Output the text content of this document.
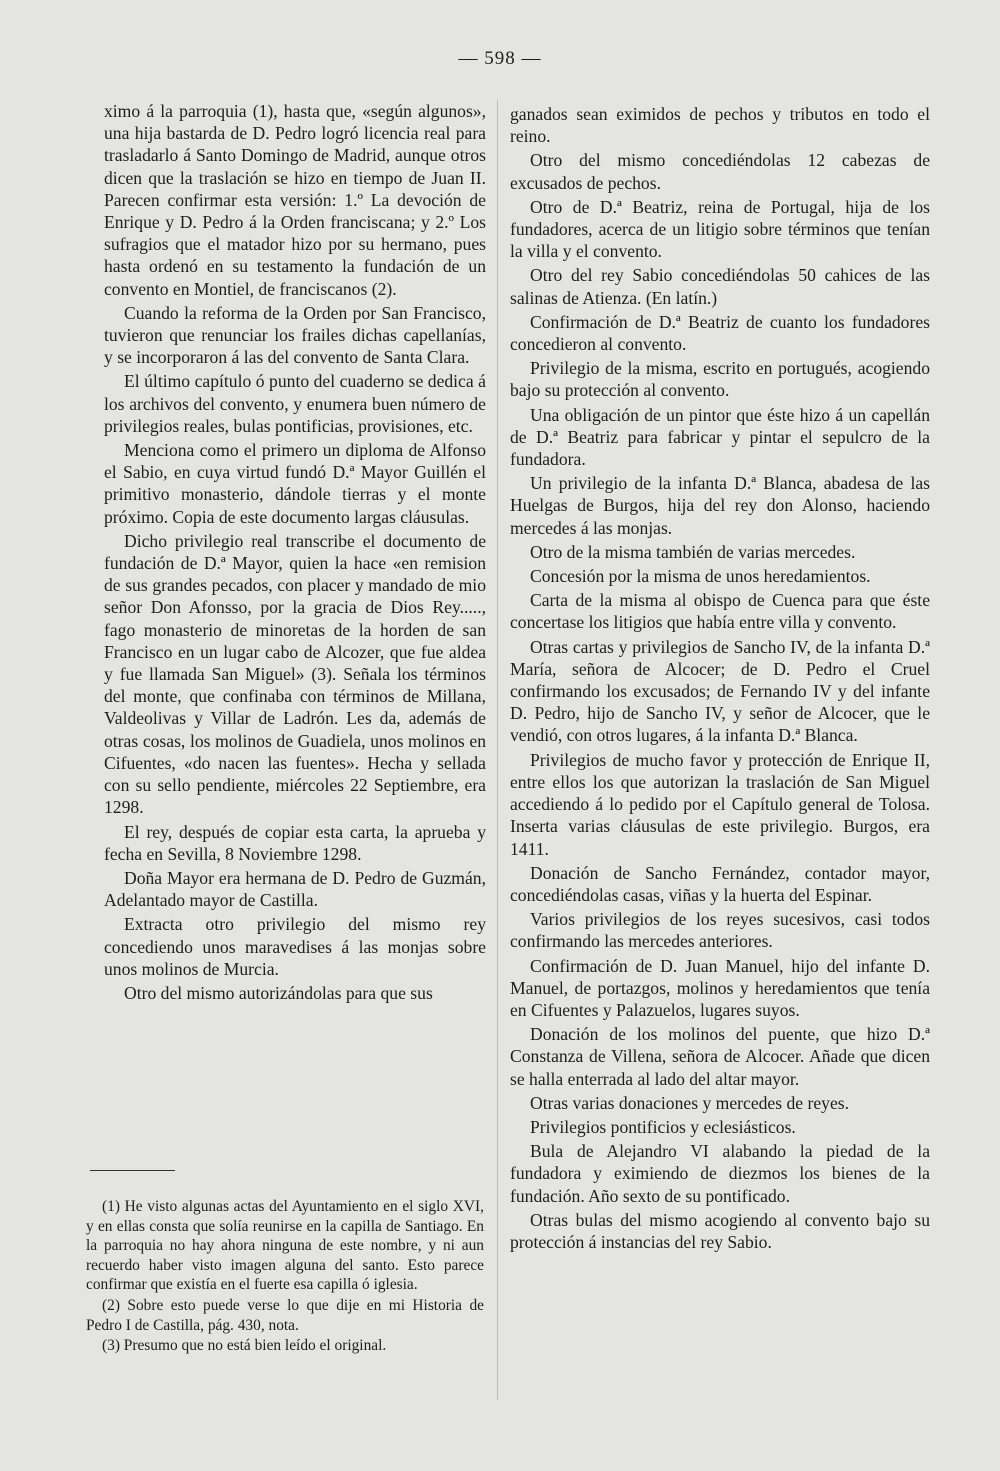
— 598 —

ximo á la parroquia (1), hasta que, «según algunos», una hija bastarda de D. Pedro logró licencia real para trasladarlo á Santo Domingo de Madrid, aunque otros dicen que la traslación se hizo en tiempo de Juan II. Parecen confirmar esta versión: 1.º La devoción de Enrique y D. Pedro á la Orden franciscana; y 2.º Los sufragios que el matador hizo por su hermano, pues hasta ordenó en su testamento la fundación de un convento en Montiel, de franciscanos (2).

Cuando la reforma de la Orden por San Francisco, tuvieron que renunciar los frailes dichas capellanías, y se incorporaron á las del convento de Santa Clara.

El último capítulo ó punto del cuaderno se dedica á los archivos del convento, y enumera buen número de privilegios reales, bulas pontificias, provisiones, etc.

Menciona como el primero un diploma de Alfonso el Sabio, en cuya virtud fundó D.ª Mayor Guillén el primitivo monasterio, dándole tierras y el monte próximo. Copia de este documento largas cláusulas.

Dicho privilegio real transcribe el documento de fundación de D.ª Mayor, quien la hace «en remision de sus grandes pecados, con placer y mandado de mio señor Don Afonsso, por la gracia de Dios Rey....., fago monasterio de minoretas de la horden de san Francisco en un lugar cabo de Alcozer, que fue aldea y fue llamada San Miguel» (3). Señala los términos del monte, que confinaba con términos de Millana, Valdeolivas y Villar de Ladrón. Les da, además de otras cosas, los molinos de Guadiela, unos molinos en Cifuentes, «do nacen las fuentes». Hecha y sellada con su sello pendiente, miércoles 22 Septiembre, era 1298.

El rey, después de copiar esta carta, la aprueba y fecha en Sevilla, 8 Noviembre 1298.

Doña Mayor era hermana de D. Pedro de Guzmán, Adelantado mayor de Castilla.

Extracta otro privilegio del mismo rey concediendo unos maravedises á las monjas sobre unos molinos de Murcia.

Otro del mismo autorizándolas para que sus

ganados sean eximidos de pechos y tributos en todo el reino.

Otro del mismo concediéndolas 12 cabezas de excusados de pechos.

Otro de D.ª Beatriz, reina de Portugal, hija de los fundadores, acerca de un litigio sobre términos que tenían la villa y el convento.

Otro del rey Sabio concediéndolas 50 cahices de las salinas de Atienza. (En latín.)

Confirmación de D.ª Beatriz de cuanto los fundadores concedieron al convento.

Privilegio de la misma, escrito en portugués, acogiendo bajo su protección al convento.

Una obligación de un pintor que éste hizo á un capellán de D.ª Beatriz para fabricar y pintar el sepulcro de la fundadora.

Un privilegio de la infanta D.ª Blanca, abadesa de las Huelgas de Burgos, hija del rey don Alonso, haciendo mercedes á las monjas.

Otro de la misma también de varias mercedes.

Concesión por la misma de unos heredamientos.

Carta de la misma al obispo de Cuenca para que éste concertase los litigios que había entre villa y convento.

Otras cartas y privilegios de Sancho IV, de la infanta D.ª María, señora de Alcocer; de D. Pedro el Cruel confirmando los excusados; de Fernando IV y del infante D. Pedro, hijo de Sancho IV, y señor de Alcocer, que le vendió, con otros lugares, á la infanta D.ª Blanca.

Privilegios de mucho favor y protección de Enrique II, entre ellos los que autorizan la traslación de San Miguel accediendo á lo pedido por el Capítulo general de Tolosa. Inserta varias cláusulas de este privilegio. Burgos, era 1411.

Donación de Sancho Fernández, contador mayor, concediéndolas casas, viñas y la huerta del Espinar.

Varios privilegios de los reyes sucesivos, casi todos confirmando las mercedes anteriores.

Confirmación de D. Juan Manuel, hijo del infante D. Manuel, de portazgos, molinos y heredamientos que tenía en Cifuentes y Palazuelos, lugares suyos.

Donación de los molinos del puente, que hizo D.ª Constanza de Villena, señora de Alcocer. Añade que dicen se halla enterrada al lado del altar mayor.

Otras varias donaciones y mercedes de reyes.

Privilegios pontificios y eclesiásticos.

Bula de Alejandro VI alabando la piedad de la fundadora y eximiendo de diezmos los bienes de la fundación. Año sexto de su pontificado.

Otras bulas del mismo acogiendo al convento bajo su protección á instancias del rey Sabio.

(1) He visto algunas actas del Ayuntamiento en el siglo XVI, y en ellas consta que solía reunirse en la capilla de Santiago. En la parroquia no hay ahora ninguna de este nombre, y ni aun recuerdo haber visto imagen alguna del santo. Esto parece confirmar que existía en el fuerte esa capilla ó iglesia.

(2) Sobre esto puede verse lo que dije en mi Historia de Pedro I de Castilla, pág. 430, nota.

(3) Presumo que no está bien leído el original.
